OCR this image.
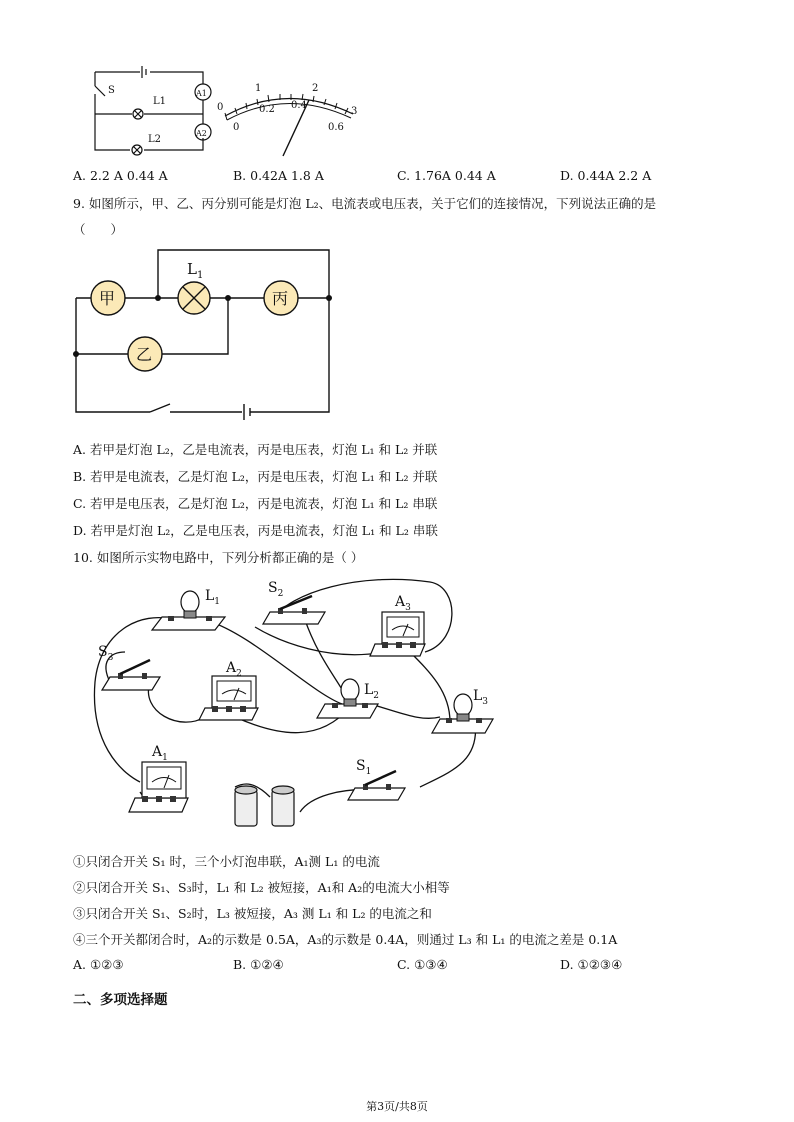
S
L1
L2
A1
A2
0
1	2
3
0
0.2 0.4
0.6
A. 2.2 A 0.44 A	B. 0.42A 1.8 A	C. 1.76A 0.44 A	D. 0.44A 2.2 A
9. 如图所示，甲、乙、丙分别可能是灯泡 L₂、电流表或电压表，关于它们的连接情况，下列说法正确的是
（　　）
甲	丙
乙
$L_1$
A. 若甲是灯泡 L₂，乙是电流表，丙是电压表，灯泡 L₁ 和 L₂ 并联
B. 若甲是电流表，乙是灯泡 L₂，丙是电压表，灯泡 L₁ 和 L₂ 并联
C. 若甲是电压表，乙是灯泡 L₂，丙是电流表，灯泡 L₁ 和 L₂ 串联
D. 若甲是灯泡 L₂，乙是电压表，丙是电流表，灯泡 L₁ 和 L₂ 串联
10. 如图所示实物电路中，下列分析都正确的是（ ）
$L_1$
$S_2$	$A_3$
$S_3$
$A_2$
$L_2$	$L_3$
$A_1$	$S_1$
①只闭合开关 S₁ 时，三个小灯泡串联，A₁测 L₁ 的电流
②只闭合开关 S₁、S₃时，L₁ 和 L₂ 被短接，A₁和 A₂的电流大小相等
③只闭合开关 S₁、S₂时，L₃ 被短接，A₃ 测 L₁ 和 L₂ 的电流之和
④三个开关都闭合时，A₂的示数是 0.5A，A₃的示数是 0.4A，则通过 L₃ 和 L₁ 的电流之差是 0.1A
A. ①②③	B. ①②④	C. ①③④	D. ①②③④
二、多项选择题
第3页/共8页
